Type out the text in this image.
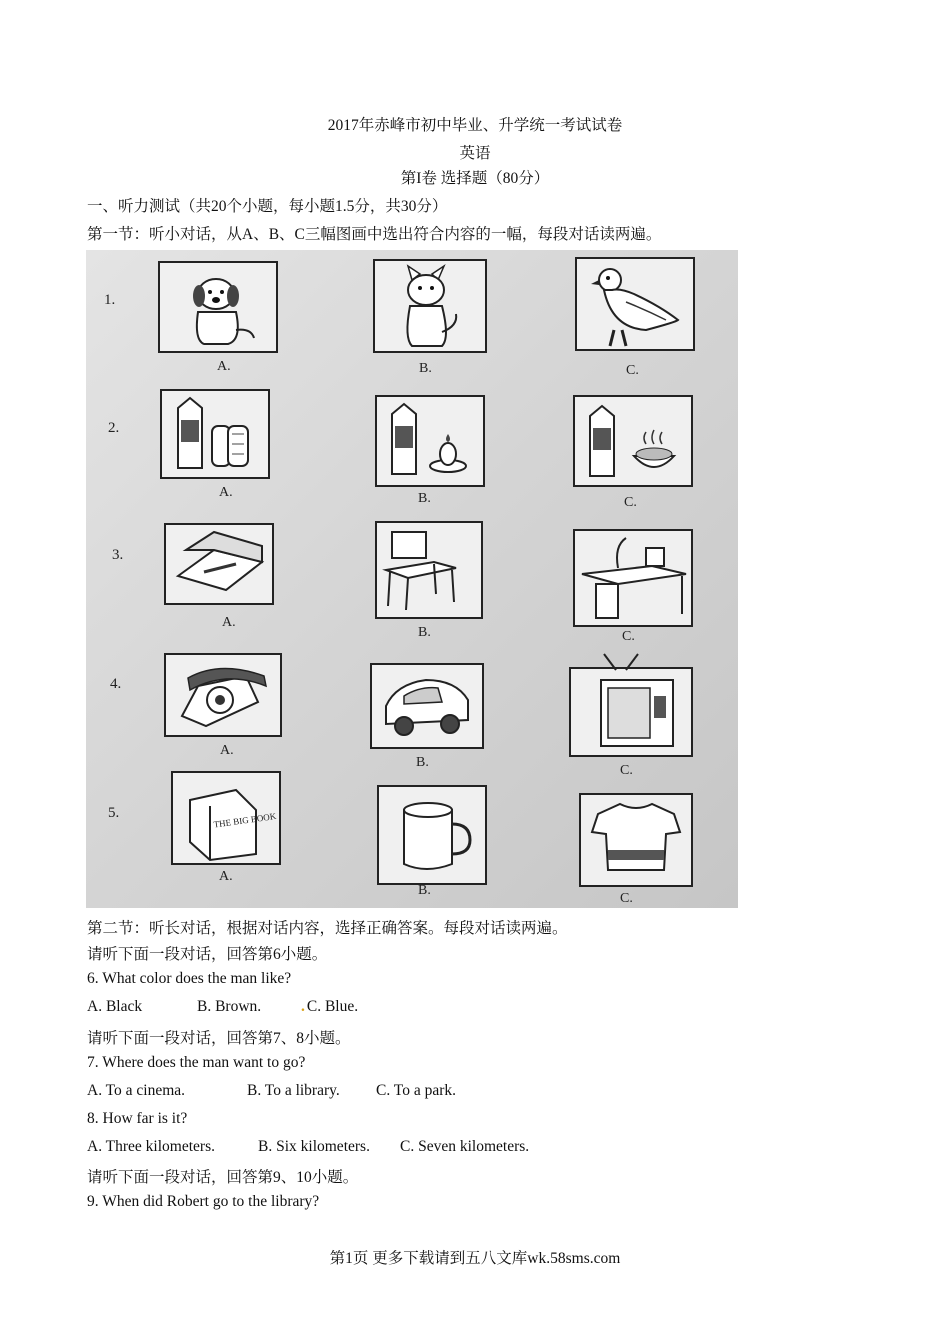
2017年赤峰市初中毕业、升学统一考试试卷
英语
第I卷 选择题（80分）
一、听力测试（共20个小题，每小题1.5分，共30分）
第一节：听小对话，从A、B、C三幅图画中选出符合内容的一幅，每段对话读两遍。
1.
2.
3.
4.
5.
A.	B.	C.
A.	B.	C.
A.
B.	C.
A.
B.
C.
THE BIG BOOK
A.
B.
C.
第二节：听长对话，根据对话内容，选择正确答案。每段对话读两遍。
请听下面一段对话，回答第6小题。
6. What color does the man like?
A. Black	B. Brown.	. C. Blue.
请听下面一段对话，回答第7、8小题。
7. Where does the man want to go?
A. To a cinema.	B. To a library. C. To a park.
8. How far is it?
A. Three kilometers.	B. Six kilometers. C. Seven kilometers.
请听下面一段对话，回答第9、10小题。
9. When did Robert go to the library?
第1页 更多下载请到五八文库wk.58sms.com
